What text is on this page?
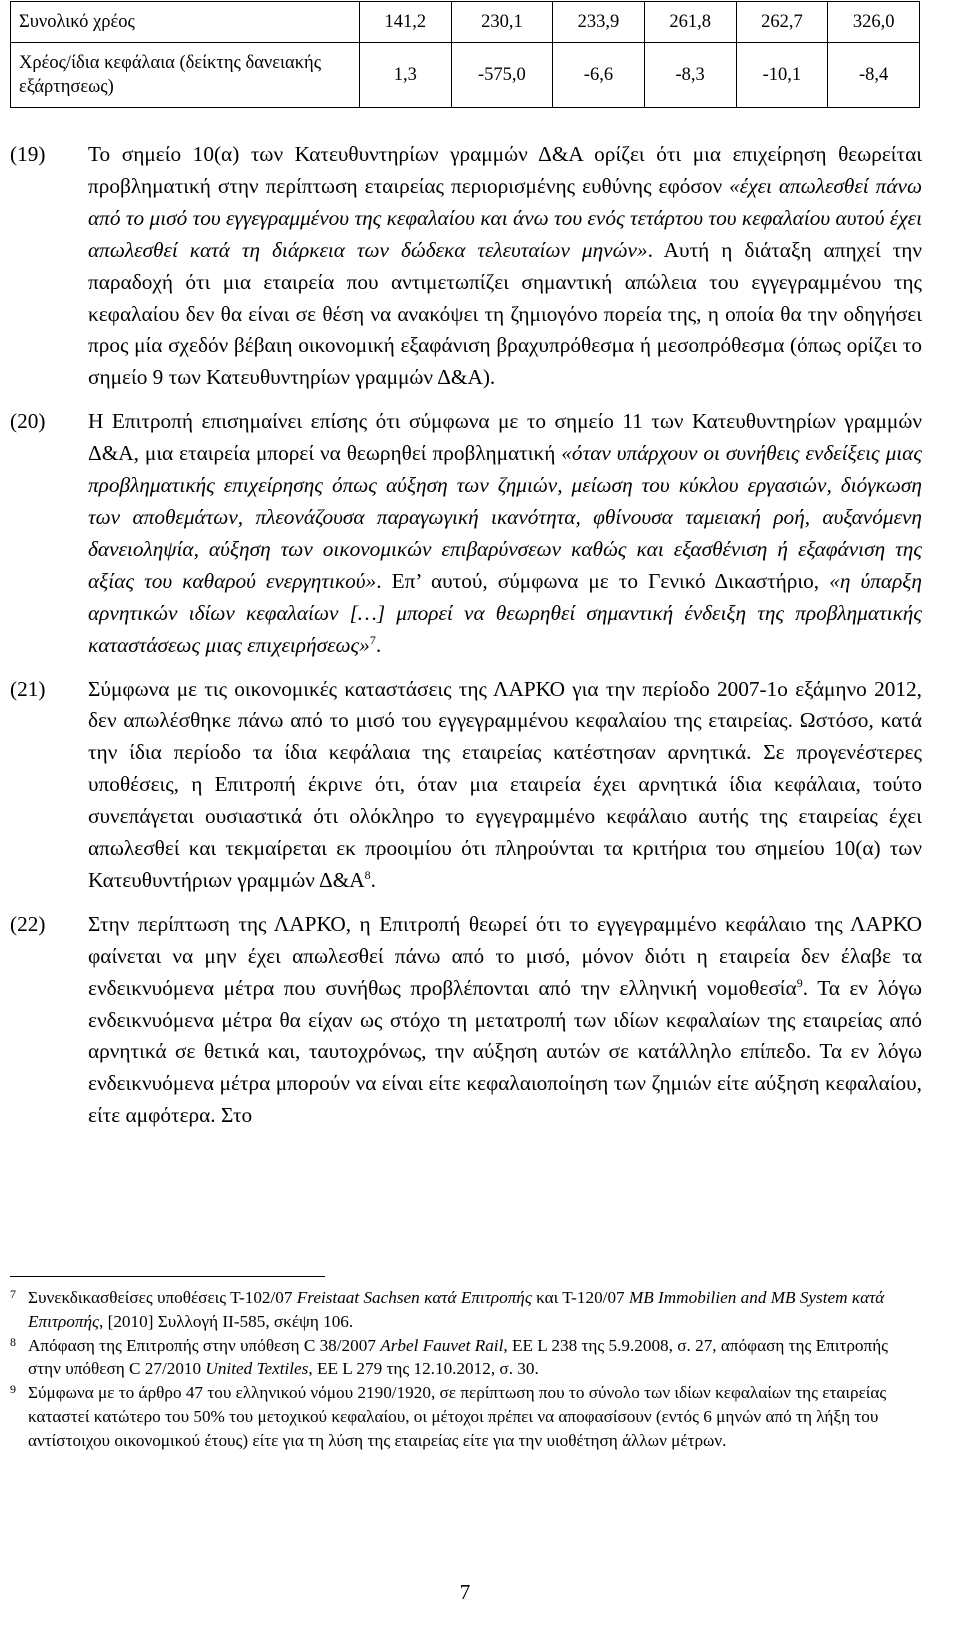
Συνολικό χρέος	141,2	230,1	233,9	261,8	262,7	326,0
Χρέος/ίδια κεφάλαια (δείκτης δανειακής εξάρτησεως)	1,3	-575,0	-6,6	-8,3	-10,1	-8,4
(19)	Το σημείο 10(α) των Κατευθυντηρίων γραμμών Δ&Α ορίζει ότι μια επιχείρηση θεωρείται προβληματική στην περίπτωση εταιρείας περιορισμένης ευθύνης εφόσον «έχει απωλεσθεί πάνω από το μισό του εγγεγραμμένου της κεφαλαίου και άνω του ενός τετάρτου του κεφαλαίου αυτού έχει απωλεσθεί κατά τη διάρκεια των δώδεκα τελευταίων μηνών». Αυτή η διάταξη απηχεί την παραδοχή ότι μια εταιρεία που αντιμετωπίζει σημαντική απώλεια του εγγεγραμμένου της κεφαλαίου δεν θα είναι σε θέση να ανακόψει τη ζημιογόνο πορεία της, η οποία θα την οδηγήσει προς μία σχεδόν βέβαιη οικονομική εξαφάνιση βραχυπρόθεσμα ή μεσοπρόθεσμα (όπως ορίζει το σημείο 9 των Κατευθυντηρίων γραμμών Δ&Α).
(20)	Η Επιτροπή επισημαίνει επίσης ότι σύμφωνα με το σημείο 11 των Κατευθυντηρίων γραμμών Δ&Α, μια εταιρεία μπορεί να θεωρηθεί προβληματική «όταν υπάρχουν οι συνήθεις ενδείξεις μιας προβληματικής επιχείρησης όπως αύξηση των ζημιών, μείωση του κύκλου εργασιών, διόγκωση των αποθεμάτων, πλεονάζουσα παραγωγική ικανότητα, φθίνουσα ταμειακή ροή, αυξανόμενη δανειοληψία, αύξηση των οικονομικών επιβαρύνσεων καθώς και εξασθένιση ή εξαφάνιση της αξίας του καθαρού ενεργητικού». Επ’ αυτού, σύμφωνα με το Γενικό Δικαστήριο, «η ύπαρξη αρνητικών ιδίων κεφαλαίων […] μπορεί να θεωρηθεί σημαντική ένδειξη της προβληματικής καταστάσεως μιας επιχειρήσεως»$^7$.
(21)	Σύμφωνα με τις οικονομικές καταστάσεις της ΛΑΡΚΟ για την περίοδο 2007-1ο εξάμηνο 2012, δεν απωλέσθηκε πάνω από το μισό του εγγεγραμμένου κεφαλαίου της εταιρείας. Ωστόσο, κατά την ίδια περίοδο τα ίδια κεφάλαια της εταιρείας κατέστησαν αρνητικά. Σε προγενέστερες υποθέσεις, η Επιτροπή έκρινε ότι, όταν μια εταιρεία έχει αρνητικά ίδια κεφάλαια, τούτο συνεπάγεται ουσιαστικά ότι ολόκληρο το εγγεγραμμένο κεφάλαιο αυτής της εταιρείας έχει απωλεσθεί και τεκμαίρεται εκ προοιμίου ότι πληρούνται τα κριτήρια του σημείου 10(α) των Κατευθυντήριων γραμμών $\Delta\&A^8$.
(22)	Στην περίπτωση της ΛΑΡΚΟ, η Επιτροπή θεωρεί ότι το εγγεγραμμένο κεφάλαιο της ΛΑΡΚΟ φαίνεται να μην έχει απωλεσθεί πάνω από το μισό, μόνον διότι η εταιρεία δεν έλαβε τα ενδεικνυόμενα μέτρα που συνήθως προβλέπονται από την ελληνική νομοθεσία$^9$. Τα εν λόγω ενδεικνυόμενα μέτρα θα είχαν ως στόχο τη μετατροπή των ιδίων κεφαλαίων της εταιρείας από αρνητικά σε θετικά και, ταυτοχρόνως, την αύξηση αυτών σε κατάλληλο επίπεδο. Τα εν λόγω ενδεικνυόμενα μέτρα μπορούν να είναι είτε κεφαλαιοποίηση των ζημιών είτε αύξηση κεφαλαίου, είτε αμφότερα. Στο

7 Συνεκδικασθείσες υποθέσεις Τ-102/07 Freistaat Sachsen κατά Επιτροπής και Τ-120/07 MB Immobilien and MB System κατά Επιτροπής, [2010] Συλλογή II-585, σκέψη 106.

8 Απόφαση της Επιτροπής στην υπόθεση C 38/2007 Arbel Fauvet Rail, ΕΕ L 238 της 5.9.2008, σ. 27, απόφαση της Επιτροπής στην υπόθεση C 27/2010 United Textiles, ΕΕ L 279 της 12.10.2012, σ. 30.

9 Σύμφωνα με το άρθρο 47 του ελληνικού νόμου 2190/1920, σε περίπτωση που το σύνολο των ιδίων κεφαλαίων της εταιρείας καταστεί κατώτερο του 50% του μετοχικού κεφαλαίου, οι μέτοχοι πρέπει να αποφασίσουν (εντός 6 μηνών από τη λήξη του αντίστοιχου οικονομικού έτους) είτε για τη λύση της εταιρείας είτε για την υιοθέτηση άλλων μέτρων.

7
